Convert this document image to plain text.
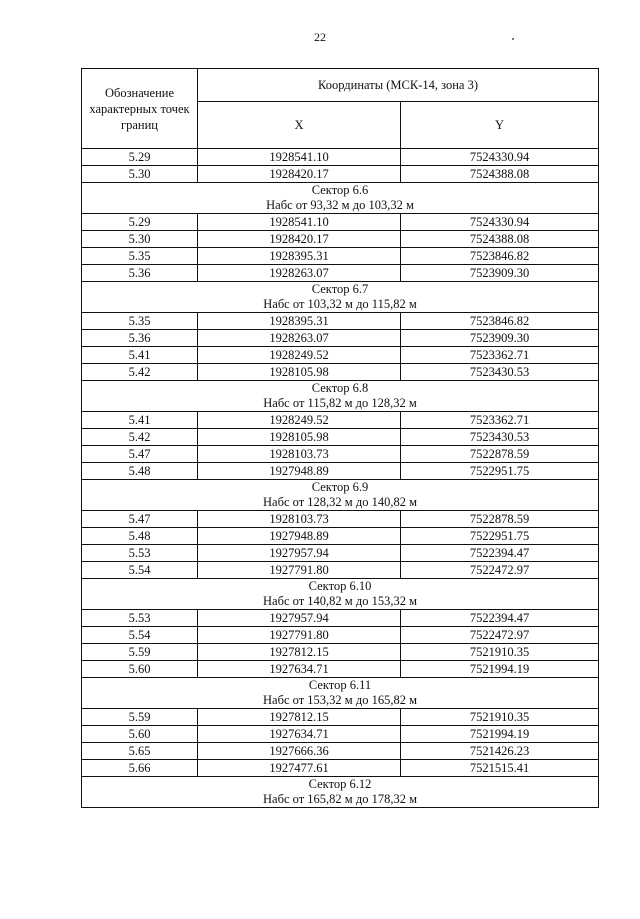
22
Обозначение характерных точек границ	Координаты (МСК-14, зона 3)	
	X	Y
5.29	1928541.10	7524330.94
5.30	1928420.17	7524388.08

Сектор 6.6
Набс от 93,32 м до 103,32 м		

5.29	1928541.10	7524330.94
5.30	1928420.17	7524388.08
5.35	1928395.31	7523846.82
5.36	1928263.07	7523909.30

Сектор 6.7
Набс от 103,32 м до 115,82 м		

5.35	1928395.31	7523846.82
5.36	1928263.07	7523909.30
5.41	1928249.52	7523362.71
5.42	1928105.98	7523430.53

Сектор 6.8
Набс от 115,82 м до 128,32 м		

5.41	1928249.52	7523362.71
5.42	1928105.98	7523430.53
5.47	1928103.73	7522878.59
5.48	1927948.89	7522951.75

Сектор 6.9
Набс от 128,32 м до 140,82 м		

5.47	1928103.73	7522878.59
5.48	1927948.89	7522951.75
5.53	1927957.94	7522394.47
5.54	1927791.80	7522472.97

Сектор 6.10
Набс от 140,82 м до 153,32 м		

5.53	1927957.94	7522394.47
5.54	1927791.80	7522472.97
5.59	1927812.15	7521910.35
5.60	1927634.71	7521994.19

Сектор 6.11
Набс от 153,32 м до 165,82 м		

5.59	1927812.15	7521910.35
5.60	1927634.71	7521994.19
5.65	1927666.36	7521426.23
5.66	1927477.61	7521515.41

Сектор 6.12
Набс от 165,82 м до 178,32 м		
